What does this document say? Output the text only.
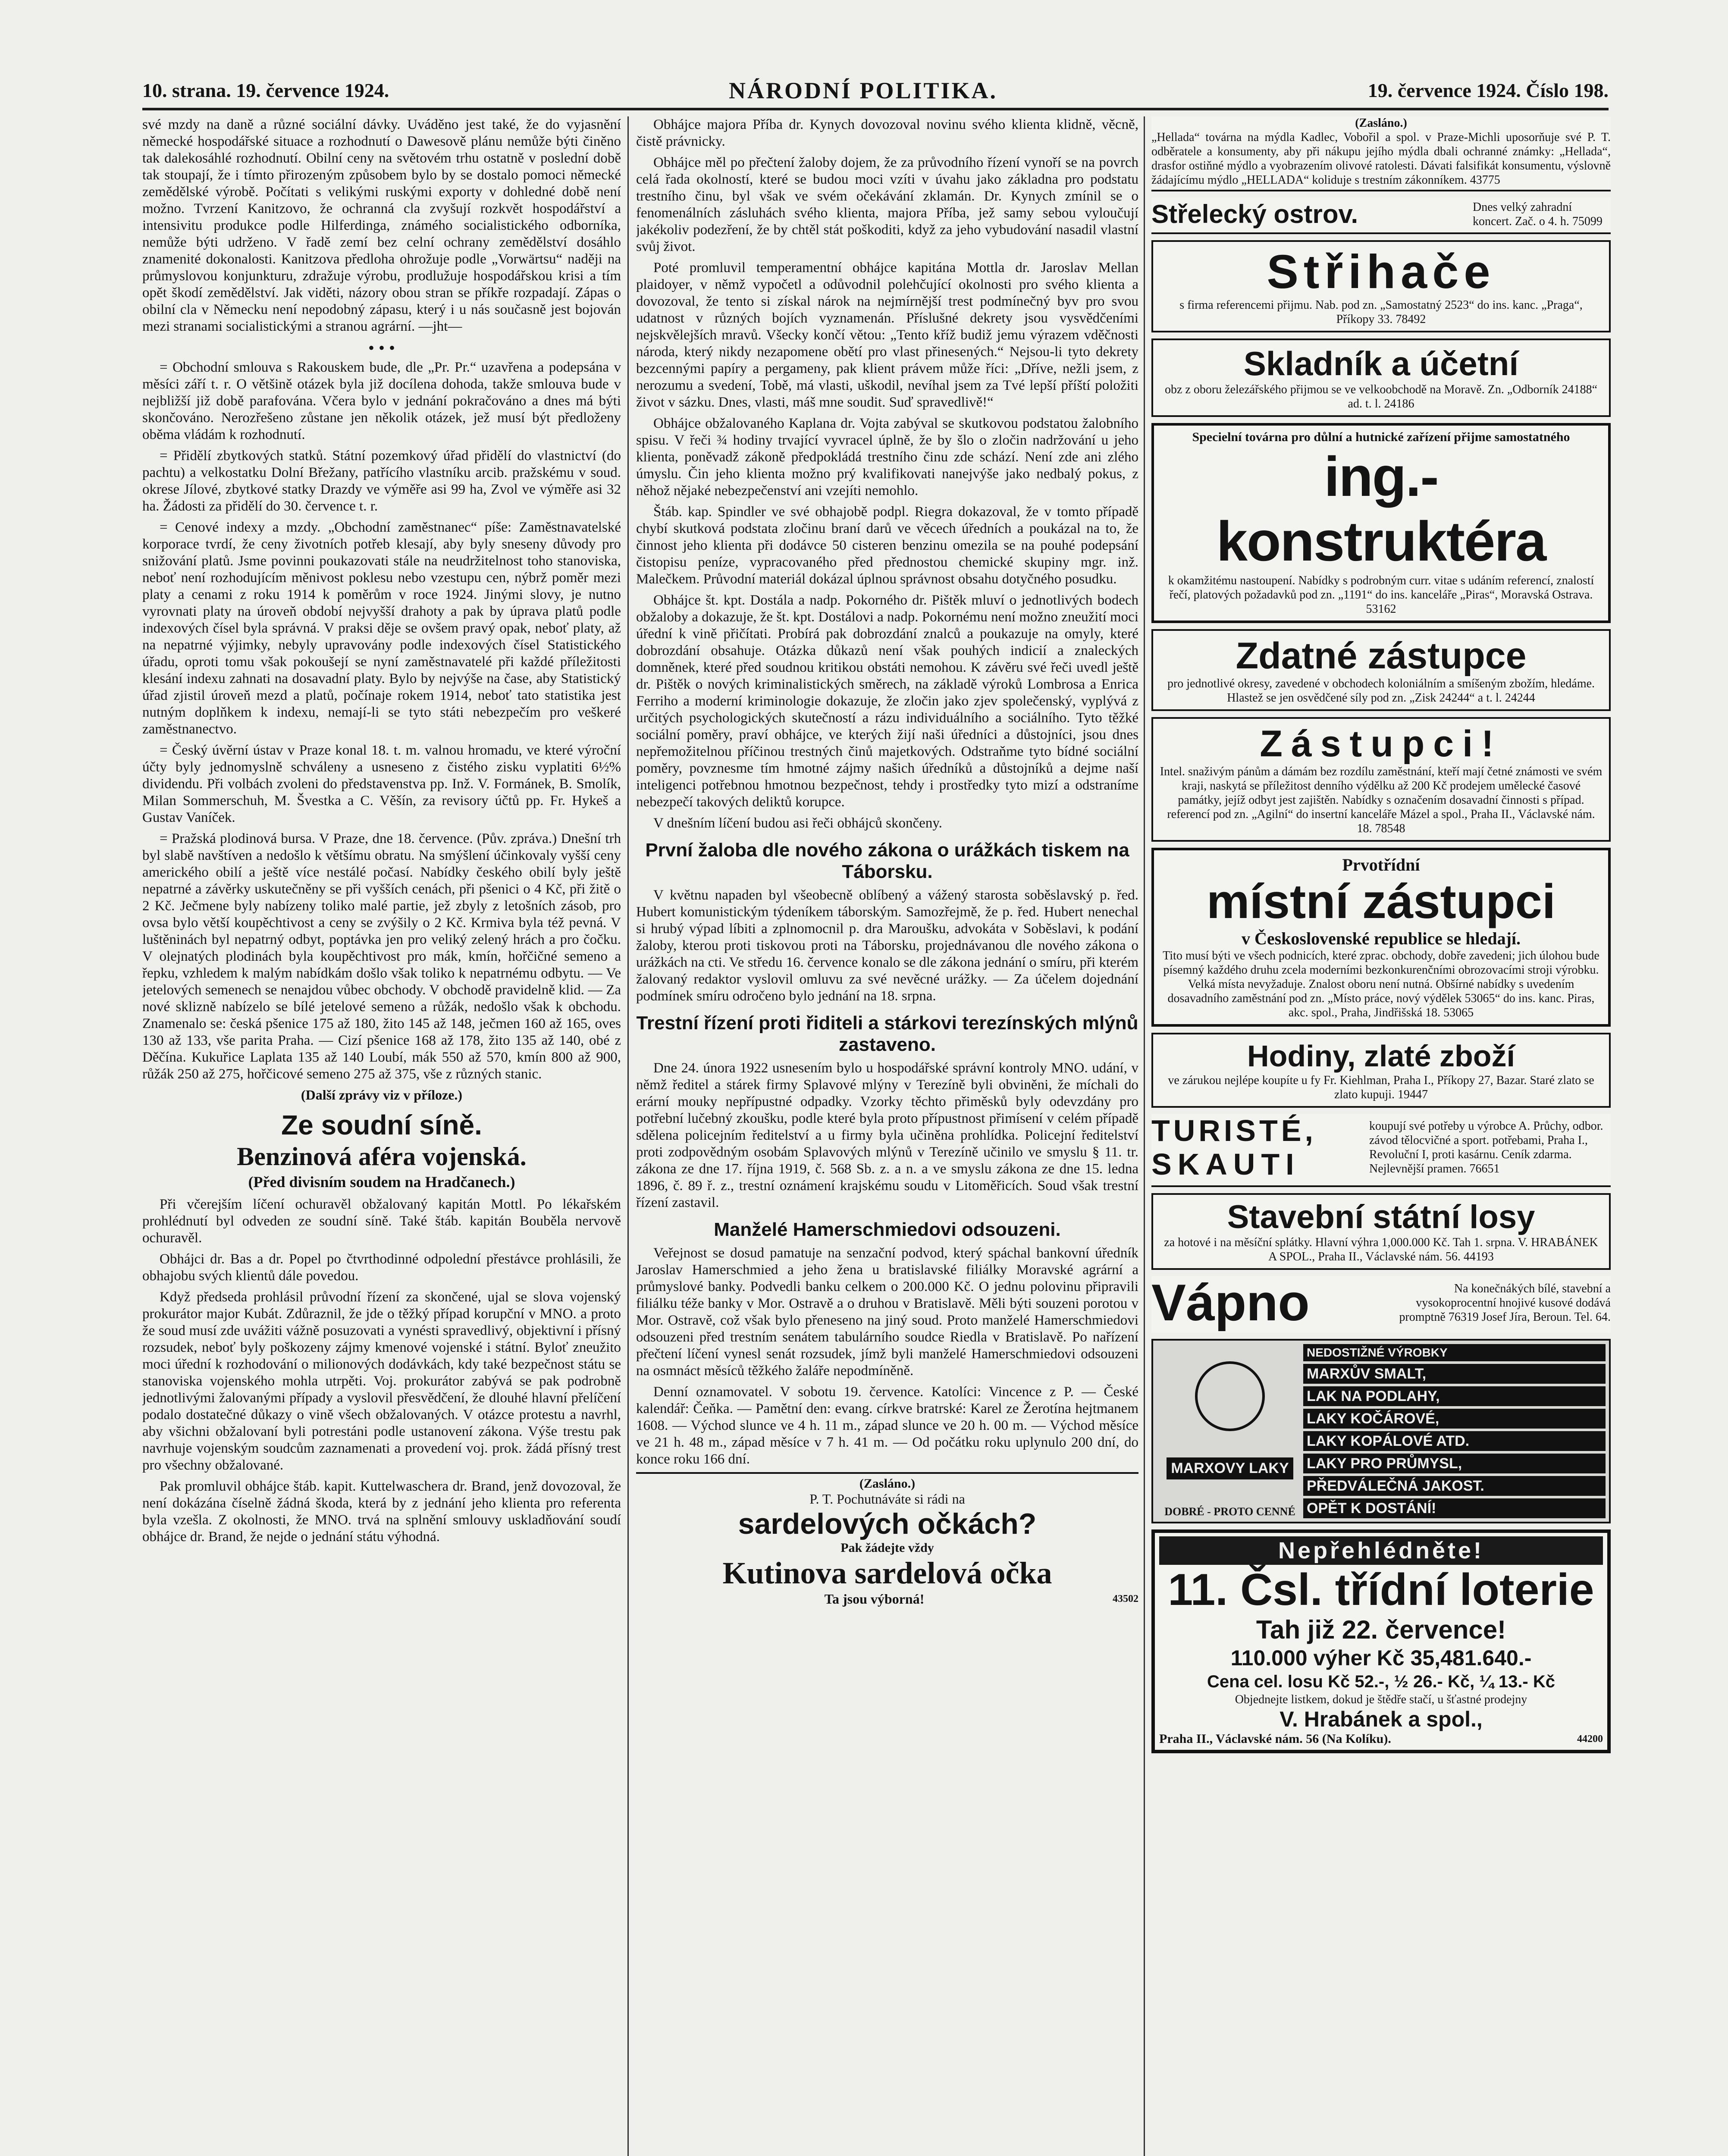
10. strana. 19. července 1924.	NÁRODNÍ POLITIKA.	19. července 1924. Číslo 198.

své mzdy na daně a různé sociální dávky. Uváděno jest také, že do vyjasnění německé hospodářské situace a rozhodnutí o Dawesově plánu nemůže býti činěno tak dalekosáhlé rozhodnutí. Obilní ceny na světovém trhu ostatně v poslední době tak stoupají, že i tímto přirozeným způsobem bylo by se dostalo pomoci německé zemědělské výrobě. Počítati s velikými ruskými exporty v dohledné době není možno. Tvrzení Kanitzovo, že ochranná cla zvyšují rozkvět hospodářství a intensivitu produkce podle Hilferdinga, známého socialistického odborníka, nemůže býti udrženo. V řadě zemí bez celní ochrany zemědělství dosáhlo znamenité dokonalosti. Kanitzova předloha ohrožuje podle „Vorwärtsu“ naději na průmyslovou konjunkturu, zdražuje výrobu, prodlužuje hospodářskou krisi a tím opět škodí zemědělství. Jak viděti, názory obou stran se příkře rozpadají. Zápas o obilní cla v Německu není nepodobný zápasu, který i u nás současně jest bojován mezi stranami socialistickými a stranou agrární. —jht—

• • •

= Obchodní smlouva s Rakouskem bude, dle „Pr. Pr.“ uzavřena a podepsána v měsíci září t. r. O většině otázek byla již docílena dohoda, takže smlouva bude v nejbližší již době parafována. Včera bylo v jednání pokračováno a dnes má býti skončováno. Nerozřešeno zůstane jen několik otázek, jež musí být předloženy oběma vládám k rozhodnutí.

= Přidělí zbytkových statků. Státní pozemkový úřad přidělí do vlastnictví (do pachtu) a velkostatku Dolní Břežany, patřícího vlastníku arcib. pražskému v soud. okrese Jílové, zbytkové statky Drazdy ve výměře asi 99 ha, Zvol ve výměře asi 32 ha. Žádosti za přidělí do 30. července t. r.

= Cenové indexy a mzdy. „Obchodní zaměstnanec“ píše: Zaměstnavatelské korporace tvrdí, že ceny životních potřeb klesají, aby byly sneseny důvody pro snižování platů. Jsme povinni poukazovati stále na neudržitelnost toho stanoviska, neboť není rozhodujícím měnivost poklesu nebo vzestupu cen, nýbrž poměr mezi platy a cenami z roku 1914 k poměrům v roce 1924. Jinými slovy, je nutno vyrovnati platy na úroveň období nejvyšší drahoty a pak by úprava platů podle indexových čísel byla správná. V praksi děje se ovšem pravý opak, neboť platy, až na nepatrné výjimky, nebyly upravovány podle indexových čísel Statistického úřadu, oproti tomu však pokoušejí se nyní zaměstnavatelé při každé příležitosti klesání indexu zahnati na dosavadní platy. Bylo by nejvýše na čase, aby Statistický úřad zjistil úroveň mezd a platů, počínaje rokem 1914, neboť tato statistika jest nutným doplňkem k indexu, nemají-li se tyto státi nebezpečím pro veškeré zaměstnanectvo.

= Český úvěrní ústav v Praze konal 18. t. m. valnou hromadu, ve které výroční účty byly jednomyslně schváleny a usneseno z čistého zisku vyplatiti 6½% dividendu. Při volbách zvoleni do představenstva pp. Inž. V. Formánek, B. Smolík, Milan Sommerschuh, M. Švestka a C. Věšín, za revisory účtů pp. Fr. Hykeš a Gustav Vaníček.

= Pražská plodinová bursa. V Praze, dne 18. července. (Pův. zpráva.) Dnešní trh byl slabě navštíven a nedošlo k většímu obratu. Na smýšlení účinkovaly vyšší ceny amerického obilí a ještě více nestálé počasí. Nabídky českého obilí byly ještě nepatrné a závěrky uskutečněny se při vyšších cenách, při pšenici o 4 Kč, při žitě o 2 Kč. Ječmene byly nabízeny toliko malé partie, jež zbyly z letošních zásob, pro ovsa bylo větší koupěchtivost a ceny se zvýšily o 2 Kč. Krmiva byla též pevná. V luštěninách byl nepatrný odbyt, poptávka jen pro veliký zelený hrách a pro čočku. V olejnatých plodinách byla koupěchtivost pro mák, kmín, hořčičné semeno a řepku, vzhledem k malým nabídkám došlo však toliko k nepatrnému odbytu. — Ve jetelových semenech se nenajdou vůbec obchody. V obchodě pravidelně klid. — Za nové sklizně nabízelo se bílé jetelové semeno a růžák, nedošlo však k obchodu. Znamenalo se: česká pšenice 175 až 180, žito 145 až 148, ječmen 160 až 165, oves 130 až 133, vše parita Praha. — Cizí pšenice 168 až 178, žito 135 až 140, obé z Děčína. Kukuřice Laplata 135 až 140 Loubí, mák 550 až 570, kmín 800 až 900, růžák 250 až 275, hořčicové semeno 275 až 375, vše z různých stanic.

(Další zprávy viz v příloze.)
Ze soudní síně.
Benzinová aféra vojenská.
(Před divisním soudem na Hradčanech.)

Při včerejším líčení ochuravěl obžalovaný kapitán Mottl. Po lékařském prohlédnutí byl odveden ze soudní síně. Také štáb. kapitán Bouběla nervově ochuravěl.

Obhájci dr. Bas a dr. Popel po čtvrthodinné odpolední přestávce prohlásili, že obhajobu svých klientů dále povedou.

Když předseda prohlásil průvodní řízení za skončené, ujal se slova vojenský prokurátor major Kubát. Zdůraznil, že jde o těžký případ korupční v MNO. a proto že soud musí zde uvážiti vážně posuzovati a vynésti spravedlivý, objektivní i přísný rozsudek, neboť byly poškozeny zájmy kmenové vojenské i státní. Byloť zneužito moci úřední k rozhodování o milionových dodávkách, kdy také bezpečnost státu se stanoviska vojenského mohla utrpěti. Voj. prokurátor zabývá se pak podrobně jednotlivými žalovanými případy a vyslovil přesvědčení, že dlouhé hlavní přelíčení podalo dostatečné důkazy o vině všech obžalovaných. V otázce protestu a navrhl, aby všichni obžalovaní byli potrestáni podle ustanovení zákona. Výše trestu pak navrhuje vojenským soudcům zaznamenati a provedení voj. prok. žádá přísný trest pro všechny obžalované.

Pak promluvil obhájce štáb. kapit. Kuttelwaschera dr. Brand, jenž dovozoval, že není dokázána číselně žádná škoda, která by z jednání jeho klienta pro referenta byla vzešla. Z okolnosti, že MNO. trvá na splnění smlouvy uskladňování soudí obhájce dr. Brand, že nejde o jednání státu výhodná.

Obhájce majora Příba dr. Kynych dovozoval novinu svého klienta klidně, věcně, čistě právnicky.

Obhájce měl po přečtení žaloby dojem, že za průvodního řízení vynoří se na povrch celá řada okolností, které se budou moci vzíti v úvahu jako základna pro podstatu trestního činu, byl však ve svém očekávání zklamán. Dr. Kynych zmínil se o fenomenálních zásluhách svého klienta, majora Příba, jež samy sebou vyloučují jakékoliv podezření, že by chtěl stát poškoditi, když za jeho vybudování nasadil vlastní svůj život.

Poté promluvil temperamentní obhájce kapitána Mottla dr. Jaroslav Mellan plaidoyer, v němž vypočetl a odůvodnil polehčující okolnosti pro svého klienta a dovozoval, že tento si získal nárok na nejmírnější trest podmínečný byv pro svou udatnost v různých bojích vyznamenán. Příslušné dekrety jsou vysvědčeními nejskvělejších mravů. Všecky končí větou: „Tento kříž budiž jemu výrazem vděčnosti národa, který nikdy nezapomene obětí pro vlast přinesených.“ Nejsou-li tyto dekrety bezcennými papíry a pergameny, pak klient právem může říci: „Dříve, nežli jsem, z nerozumu a svedení, Tobě, má vlasti, uškodil, nevíhal jsem za Tvé lepší příští položiti život v sázku. Dnes, vlasti, máš mne soudit. Suď spravedlivě!“

Obhájce obžalovaného Kaplana dr. Vojta zabýval se skutkovou podstatou žalobního spisu. V řeči ¾ hodiny trvající vyvracel úplně, že by šlo o zločin nadržování u jeho klienta, poněvadž zákoně předpokládá trestního činu zde schází. Není zde ani zlého úmyslu. Čin jeho klienta možno prý kvalifikovati nanejvýše jako nedbalý pokus, z něhož nějaké nebezpečenství ani vzejíti nemohlo.

Štáb. kap. Spindler ve své obhajobě podpl. Riegra dokazoval, že v tomto případě chybí skutková podstata zločinu braní darů ve věcech úředních a poukázal na to, že činnost jeho klienta při dodávce 50 cisteren benzinu omezila se na pouhé podepsání čistopisu peníze, vypracovaného před přednostou chemické skupiny mgr. inž. Malečkem. Průvodní materiál dokázal úplnou správnost obsahu dotyčného posudku.

Obhájce št. kpt. Dostála a nadp. Pokorného dr. Pištěk mluví o jednotlivých bodech obžaloby a dokazuje, že št. kpt. Dostálovi a nadp. Pokornému není možno zneužití moci úřední k vině přičítati. Probírá pak dobrozdání znalců a poukazuje na omyly, které dobrozdání obsahuje. Otázka důkazů není však pouhých indicií a znaleckých domněnek, které před soudnou kritikou obstáti nemohou. K závěru své řeči uvedl ještě dr. Pištěk o nových kriminalistických směrech, na základě výroků Lombrosa a Enrica Ferriho a moderní kriminologie dokazuje, že zločin jako zjev společenský, vyplývá z určitých psychologických skutečností a rázu individuálního a sociálního. Tyto těžké sociální poměry, praví obhájce, ve kterých žijí naši úředníci a důstojníci, jsou dnes nepřemožitelnou příčinou trestných činů majetkových. Odstraňme tyto bídné sociální poměry, povznesme tím hmotné zájmy našich úředníků a důstojníků a dejme naší inteligenci potřebnou hmotnou bezpečnost, tehdy i prostředky tyto mizí a odstraníme nebezpečí takových deliktů korupce.

V dnešním líčení budou asi řeči obhájců skončeny.

První žaloba dle nového zákona o urážkách tiskem na Táborsku.

V květnu napaden byl všeobecně oblíbený a vážený starosta soběslavský p. řed. Hubert komunistickým týdeníkem táborským. Samozřejmě, že p. řed. Hubert nenechal si hrubý výpad líbiti a zplnomocnil p. dra Maroušku, advokáta v Soběslavi, k podání žaloby, kterou proti tiskovou proti na Táborsku, projednávanou dle nového zákona o urážkách na cti. Ve středu 16. července konalo se dle zákona jednání o smíru, při kterém žalovaný redaktor vyslovil omluvu za své nevěcné urážky. — Za účelem dojednání podmínek smíru odročeno bylo jednání na 18. srpna.

Trestní řízení proti řiditeli a stárkovi terezínských mlýnů zastaveno.

Dne 24. února 1922 usnesením bylo u hospodářské správní kontroly MNO. udání, v němž ředitel a stárek firmy Splavové mlýny v Terezíně byli obviněni, že míchali do erární mouky nepřípustné odpadky. Vzorky těchto přiměsků byly odevzdány pro potřební lučebný zkoušku, podle které byla proto přípustnost přimísení v celém případě sdělena policejním ředitelství a u firmy byla učiněna prohlídka. Policejní ředitelství proti zodpovědným osobám Splavových mlýnů v Terezíně učinilo ve smyslu § 11. tr. zákona ze dne 17. října 1919, č. 568 Sb. z. a n. a ve smyslu zákona ze dne 15. ledna 1896, č. 89 ř. z., trestní oznámení krajskému soudu v Litoměřicích. Soud však trestní řízení zastavil.

Manželé Hamerschmiedovi odsouzeni.

Veřejnost se dosud pamatuje na senzační podvod, který spáchal bankovní úředník Jaroslav Hamerschmied a jeho žena u bratislavské filiálky Moravské agrární a průmyslové banky. Podvedli banku celkem o 200.000 Kč. O jednu polovinu připravili filiálku téže banky v Mor. Ostravě a o druhou v Bratislavě. Měli býti souzeni porotou v Mor. Ostravě, což však bylo přeneseno na jiný soud. Proto manželé Hamerschmiedovi odsouzeni před trestním senátem tabulárního soudce Riedla v Bratislavě. Po nařízení přečtení líčení vynesl senát rozsudek, jímž byli manželé Hamerschmiedovi odsouzeni na osmnáct měsíců těžkého žaláře nepodmíněně.

Denní oznamovatel. V sobotu 19. července. Katolíci: Vincence z P. — České kalendář: Čeňka. — Pamětní den: evang. církve bratrské: Karel ze Žerotína hejtmanem 1608. — Východ slunce ve 4 h. 11 m., západ slunce ve 20 h. 00 m. — Východ měsíce ve 21 h. 48 m., západ měsíce v 7 h. 41 m. — Od počátku roku uplynulo 200 dní, do konce roku 166 dní.

(Zasláno.)
P. T. Pochutnáváte si rádi na
sardelových očkách?
Pak žádejte vždy
Kutinova sardelová očka
Ta jsou výborná!	43502
(Zasláno.)
„Hellada“ továrna na mýdla Kadlec, Vobořil a spol. v Praze-Michli uposorňuje své P. T. odběratele a konsumenty, aby při nákupu jejího mýdla dbali ochranné známky: „Hellada“, drasfor ostiňné mýdlo a vyobrazením olivové ratolesti. Dávati falsifikát konsumentu, výslovně žádajícímu mýdlo „HELLADA“ koliduje s trestním zákonníkem. 43775
Střelecký ostrov.	Dnes velký zahradní koncert. Zač. o 4. h. 75099
Střihače
s firma referencemi přijmu. Nab. pod zn. „Samostatný 2523“ do ins. kanc. „Praga“, Příkopy 33. 78492
Skladník a účetní
obz z oboru železářského přijmou se ve velkoobchodě na Moravě. Zn. „Odborník 24188“ ad. t. l. 24186
Specielní továrna pro důlní a hutnické zařízení přijme samostatného
ing.-konstruktéra
k okamžitému nastoupení. Nabídky s podrobným curr. vitae s udáním referencí, znalostí řečí, platových požadavků pod zn. „1191“ do ins. kanceláře „Piras“, Moravská Ostrava. 53162
Zdatné zástupce
pro jednotlivé okresy, zavedené v obchodech koloniálním a smíšeným zbožím, hledáme. Hlastež se jen osvědčené síly pod zn. „Zisk 24244“ a t. l. 24244
Zástupci!
Intel. snaživým pánům a dámám bez rozdílu zaměstnání, kteří mají četné známosti ve svém kraji, naskytá se příležitost denního výdělku až 200 Kč prodejem umělecké časové památky, jejíž odbyt jest zajištěn. Nabídky s označením dosavadní činnosti s případ. referencí pod zn. „Agilní“ do insertní kanceláře Mázel a spol., Praha II., Václavské nám. 18. 78548
Prvotřídní
místní zástupci
v Československé republice se hledají.
Tito musí býti ve všech podnicích, které zprac. obchody, dobře zavedeni; jich úlohou bude písemný každého druhu zcela moderními bezkonkurenčními obrozovacími stroji výrobku. Velká místa nevyžaduje. Znalost oboru není nutná. Obšírné nabídky s uvedením dosavadního zaměstnání pod zn. „Místo práce, nový výdělek 53065“ do ins. kanc. Piras, akc. spol., Praha, Jindřišská 18. 53065
Hodiny, zlaté zboží
ve zárukou nejlépe koupíte u fy Fr. Kiehlman, Praha I., Příkopy 27, Bazar. Staré zlato se zlato kupuji. 19447
TURISTÉ,
SKAUTI
koupují své potřeby u výrobce A. Průchy, odbor. závod tělocvičné a sport. potřebami, Praha I., Revoluční I, proti kasárnu. Ceník zdarma. Nejlevnější pramen. 76651
Stavební státní losy
za hotové i na měsíční splátky. Hlavní výhra 1,000.000 Kč. Tah 1. srpna. V. HRABÁNEK A SPOL., Praha II., Václavské nám. 56. 44193
Vápno	Na konečnákých bílé, stavební a vysokoprocentní hnojivé kusové dodává promptně 76319 Josef Jíra, Beroun. Tel. 64.
MARXOVY LAKY
DOBRÉ - PROTO CENNÉ
NEDOSTIŽNÉ VÝROBKY
MARXŮV SMALT,
LAK NA PODLAHY,
LAKY KOČÁROVÉ,
LAKY KOPÁLOVÉ ATD.
LAKY PRO PRŮMYSL,
PŘEDVÁLEČNÁ JAKOST.
OPĚT K DOSTÁNÍ!
Nepřehlédněte!
11. Čsl. třídní loterie
Tah již 22. července!
110.000 výher Kč 35,481.640.-
Cena cel. losu Kč 52.-, ½ 26.- Kč, ¼ 13.- Kč
Objednejte listkem, dokud je štědře stačí, u šťastné prodejny
V. Hrabánek a spol.,
Praha II., Václavské nám. 56 (Na Kolíku).	44200
